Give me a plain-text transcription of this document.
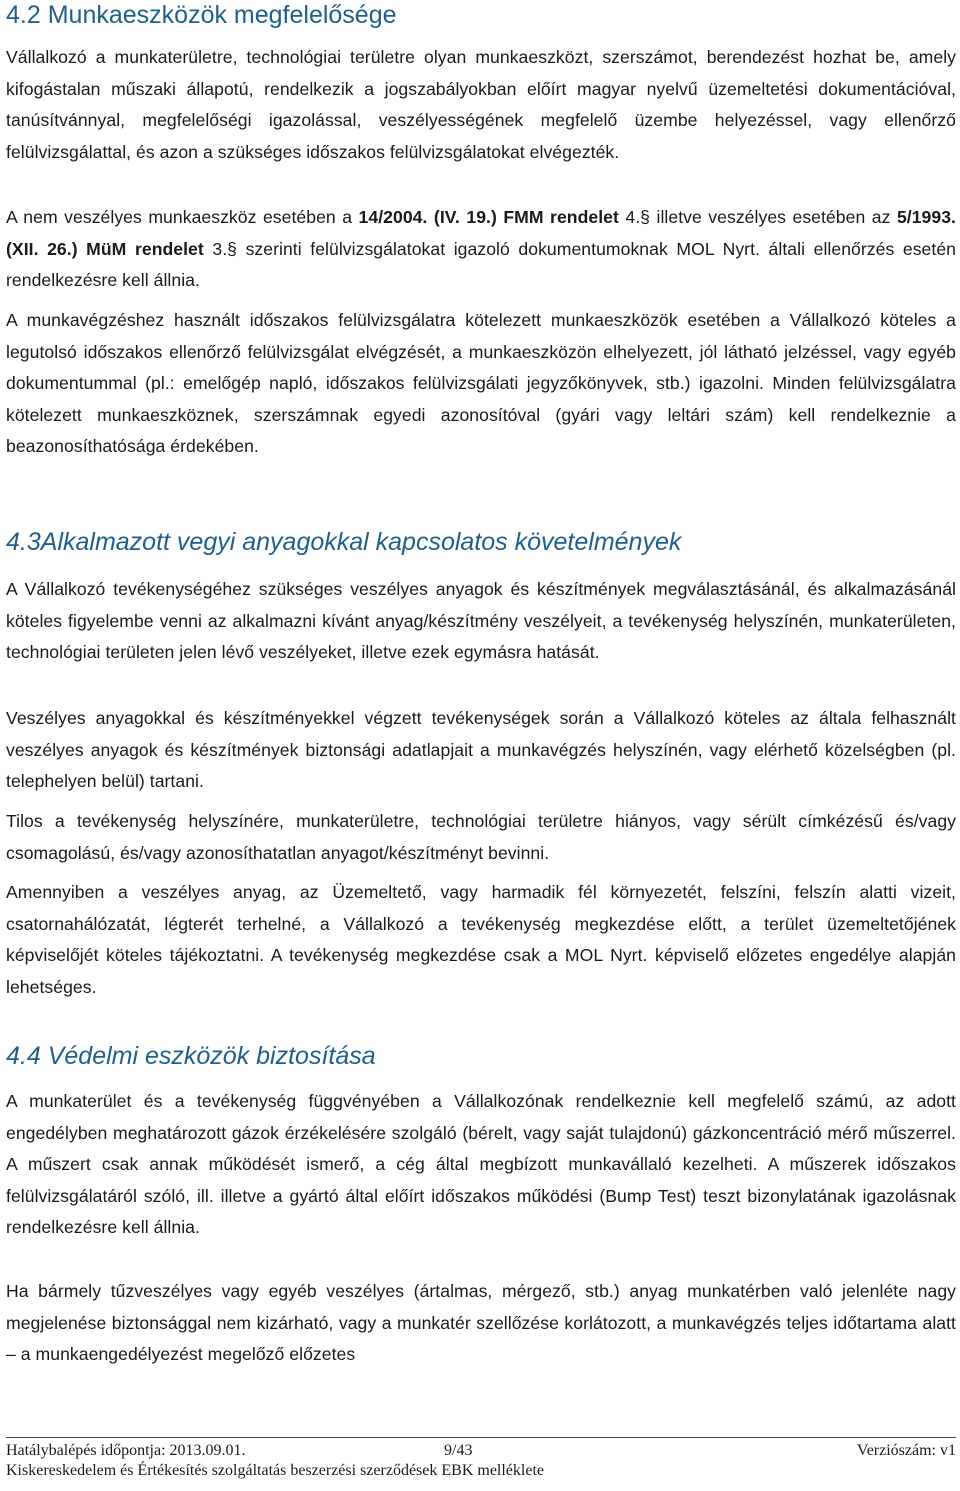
4.2 Munkaeszközök megfelelősége

Vállalkozó a munkaterületre, technológiai területre olyan munkaeszközt, szerszámot, berendezést hozhat be, amely kifogástalan műszaki állapotú, rendelkezik a jogszabályokban előírt magyar nyelvű üzemeltetési dokumentációval, tanúsítvánnyal, megfelelőségi igazolással, veszélyességének megfelelő üzembe helyezéssel, vagy ellenőrző felülvizsgálattal, és azon a szükséges időszakos felülvizsgálatokat elvégezték.

A nem veszélyes munkaeszköz esetében a 14/2004. (IV. 19.) FMM rendelet 4.§ illetve veszélyes esetében az 5/1993. (XII. 26.) MüM rendelet 3.§ szerinti felülvizsgálatokat igazoló dokumentumoknak MOL Nyrt. általi ellenőrzés esetén rendelkezésre kell állnia.

A munkavégzéshez használt időszakos felülvizsgálatra kötelezett munkaeszközök esetében a Vállalkozó köteles a legutolsó időszakos ellenőrző felülvizsgálat elvégzését, a munkaeszközön elhelyezett, jól látható jelzéssel, vagy egyéb dokumentummal (pl.: emelőgép napló, időszakos felülvizsgálati jegyzőkönyvek, stb.) igazolni. Minden felülvizsgálatra kötelezett munkaeszköznek, szerszámnak egyedi azonosítóval (gyári vagy leltári szám) kell rendelkeznie a beazonosíthatósága érdekében.

4.3Alkalmazott vegyi anyagokkal kapcsolatos követelmények

A Vállalkozó tevékenységéhez szükséges veszélyes anyagok és készítmények megválasztásánál, és alkalmazásánál köteles figyelembe venni az alkalmazni kívánt anyag/készítmény veszélyeit, a tevékenység helyszínén, munkaterületen, technológiai területen jelen lévő veszélyeket, illetve ezek egymásra hatását.

Veszélyes anyagokkal és készítményekkel végzett tevékenységek során a Vállalkozó köteles az általa felhasznált veszélyes anyagok és készítmények biztonsági adatlapjait a munkavégzés helyszínén, vagy elérhető közelségben (pl. telephelyen belül) tartani.

Tilos a tevékenység helyszínére, munkaterületre, technológiai területre hiányos, vagy sérült címkézésű és/vagy csomagolású, és/vagy azonosíthatatlan anyagot/készítményt bevinni.

Amennyiben a veszélyes anyag, az Üzemeltető, vagy harmadik fél környezetét, felszíni, felszín alatti vizeit, csatornahálózatát, légterét terhelné, a Vállalkozó a tevékenység megkezdése előtt, a terület üzemeltetőjének képviselőjét köteles tájékoztatni. A tevékenység megkezdése csak a MOL Nyrt. képviselő előzetes engedélye alapján lehetséges.

4.4 Védelmi eszközök biztosítása

A munkaterület és a tevékenység függvényében a Vállalkozónak rendelkeznie kell megfelelő számú, az adott engedélyben meghatározott gázok érzékelésére szolgáló (bérelt, vagy saját tulajdonú) gázkoncentráció mérő műszerrel. A műszert csak annak működését ismerő, a cég által megbízott munkavállaló kezelheti. A műszerek időszakos felülvizsgálatáról szóló, ill. illetve a gyártó által előírt időszakos működési (Bump Test) teszt bizonylatának igazolásnak rendelkezésre kell állnia.

Ha bármely tűzveszélyes vagy egyéb veszélyes (ártalmas, mérgező, stb.) anyag munkatérben való jelenléte nagy megjelenése biztonsággal nem kizárható, vagy a munkatér szellőzése korlátozott, a munkavégzés teljes időtartama alatt – a munkaengedélyezést megelőző előzetes

Hatálybalépés időpontja: 2013.09.01.	9/43	Verziószám: v1
Kiskereskedelem és Értékesítés szolgáltatás beszerzési szerződések EBK melléklete
